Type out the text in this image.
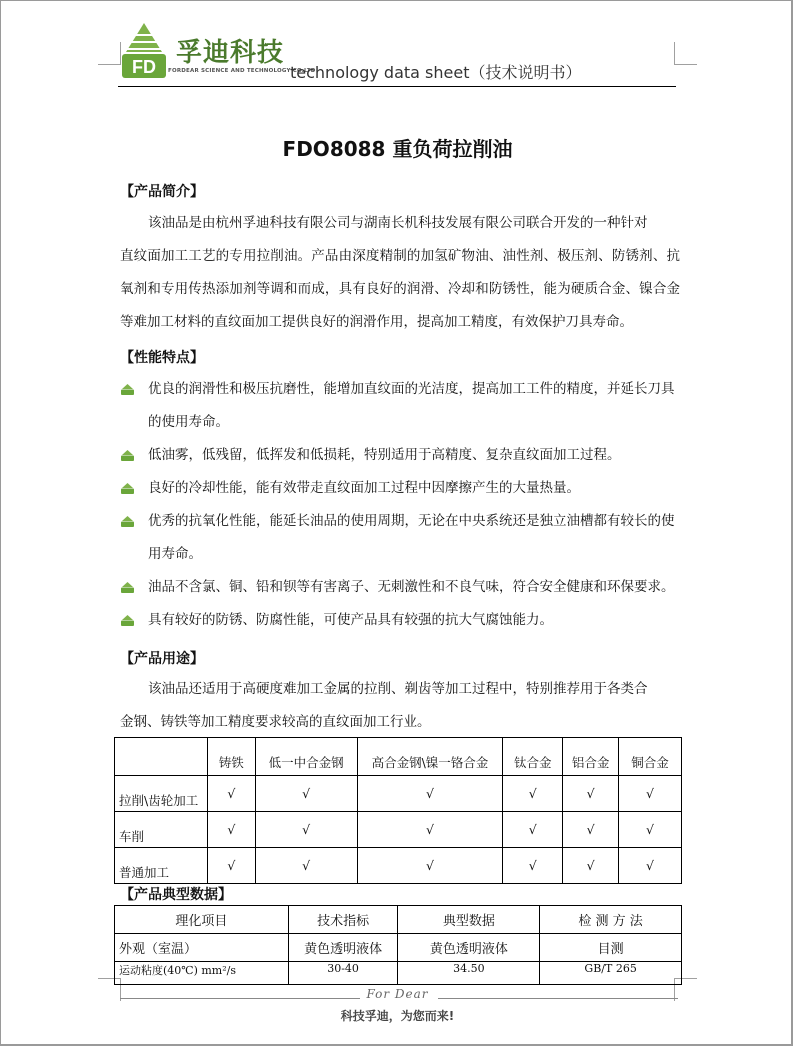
FD 孚迪科技
FORDEAR SCIENCE AND TECHNOLOGY CO.LTD
technology data sheet（技术说明书）
FDO8088 重负荷拉削油
【产品简介】
该油品是由杭州孚迪科技有限公司与湖南长机科技发展有限公司联合开发的一种针对
直纹面加工工艺的专用拉削油。产品由深度精制的加氢矿物油、油性剂、极压剂、防锈剂、抗氧剂和专用传热添加剂等调和而成，具有良好的润滑、冷却和防锈性，能为硬质合金、镍合金等难加工材料的直纹面加工提供良好的润滑作用，提高加工精度，有效保护刀具寿命。
【性能特点】
优良的润滑性和极压抗磨性，能增加直纹面的光洁度，提高加工工件的精度，并延长刀具的使用寿命。
低油雾，低残留，低挥发和低损耗，特别适用于高精度、复杂直纹面加工过程。
良好的冷却性能，能有效带走直纹面加工过程中因摩擦产生的大量热量。
优秀的抗氧化性能，能延长油品的使用周期，无论在中央系统还是独立油槽都有较长的使用寿命。
油品不含氯、铜、铅和钡等有害离子、无刺激性和不良气味，符合安全健康和环保要求。
具有较好的防锈、防腐性能，可使产品具有较强的抗大气腐蚀能力。
【产品用途】
该油品还适用于高硬度难加工金属的拉削、剃齿等加工过程中，特别推荐用于各类合
金钢、铸铁等加工精度要求较高的直纹面加工行业。
	铸铁	低一中合金钢	高合金钢\镍一铬合金	钛合金	铝合金	铜合金
拉削\齿轮加工	√	√	√	√	√	√
车削	√	√	√	√	√	√
普通加工	√	√	√	√	√	√
【产品典型数据】
理化项目	技术指标	典型数据	检 测 方 法
外观（室温）	黄色透明液体	黄色透明液体	目测
运动粘度(40℃) mm²/s	30-40	34.50	GB/T 265
For Dear
科技孚迪，为您而来!
